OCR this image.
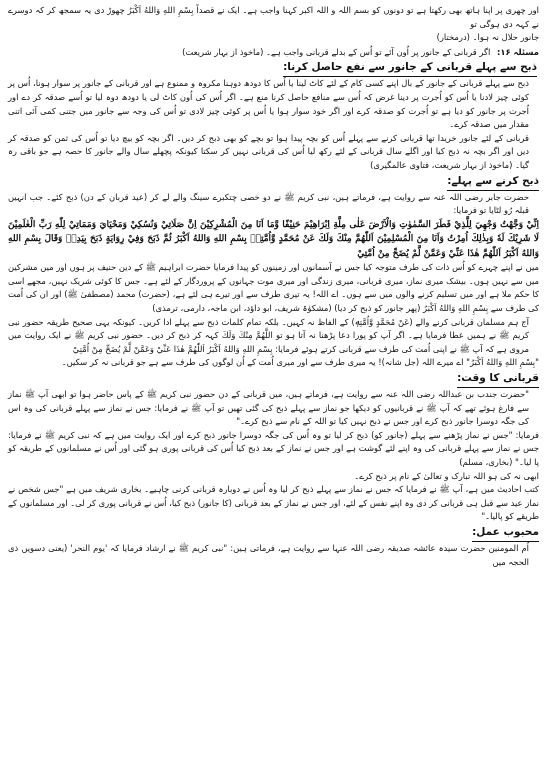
اور چھری پر اپنا ہاتھ بھی رکھتا ہے تو دونوں کو بسم اللہ و اللہ اکبر کہنا واجب ہے۔ ایک نے قصداً بِسْمِ اللهِ وَاللهُ اَكْبَرُ چھوڑ دی یہ سمجھ کر کہ دوسرے نے کہہ دی ہوگی تو

جانور حلال نہ ہوا۔ (درمختار)

مسئلہ ۱۶: اگر قربانی کے جانور پر اُون آئے تو اُس کے بدلے قربانی واجب ہے۔ (ماخوذ از بہار شریعت)

ذبح سے پہلے قربانی کے جانور سے نفع حاصل کرنا:

ذبح سے پہلے قربانی کے جانور کے بال اپنے کسی کام کے لئے کاٹ لینا یا اُس کا دودھ دوہنا مکروہ و ممنوع ہے اور قربانی کے جانور پر سوار ہونا، اُس پر کوئی چیز لادنا یا اُس کو اُجرت پر دینا غرض کہ اُس سے منافع حاصل کرنا منع ہے۔ اگر اُس کی اُون کاٹ لی یا دودھ دوہ لیا تو اُسے صدقہ کر دے اور اُجرت پر جانور کو دیا ہے تو اُجرت کو صدقہ کرے اور اگر خود سوار ہوا یا اُس پر کوئی چیز لادی تو اُس کی وجہ سے جانور میں جتنی کمی آئی اتنی مقدار میں صدقہ کرے۔

قربانی کے لئے جانور خریدا تھا قربانی کرنے سے پہلے اُس کو بچہ پیدا ہوا تو بچے کو بھی ذبح کر دیں۔ اگر بچہ کو بیچ دیا تو اُس کی ثمن کو صدقہ کر دیں اور اگر بچہ نہ ذبح کیا اور اگلے سال قربانی کے لئے رکھ لیا اُس کی قربانی نہیں کر سکتا کیونکہ پچھلے سال والے جانور کا حصہ ہے جو باقی رہ گیا۔ (ماخوذ از بہار شریعت، فتاوی عالمگیری)

ذبح کرنے سے پہلے:

حضرت جابر رضی اللہ عنہ سے روایت ہے، فرماتے ہیں، نبی کریم ﷺ نے دو خصی چتکبرے سینگ والے لے کر (عید قربان کے دن) ذبح کئے۔ جب انہیں قبلہ رُو لٹایا تو فرمایا:

اِنِّيْ وَجَّهْتُ وَجْهِيَ لِلَّذِيْ فَطَرَ السَّمٰوٰتِ وَالْاَرْضَ عَلٰى مِلَّةِ اِبْرَاهِيْمَ حَنِيْفًا وَّمَا اَنَا مِنَ الْمُشْرِكِيْنَ اِنَّ صَلَاتِيْ وَنُسُكِيْ وَمَحْيَايَ وَمَمَاتِيْ لِلّٰهِ رَبِّ الْعٰلَمِيْنَ لَا شَرِيْكَ لَهٗ وَبِذٰلِكَ اُمِرْتُ وَاَنَا مِنَ الْمُسْلِمِيْنَ اَللّٰهُمَّ مِنْكَ وَلَكَ عَنْ مُحَمَّدٍ وَّاُمَّتِهٖ بِسْمِ اللهِ وَاللهُ اَكْبَرُ ثُمَّ ذَبَحَ وَفِيْ رِوَايَةٍ ذَبَحَ بِيَدِهٖ وَقَالَ بِسْمِ اللهِ وَاللهُ اَكْبَرُ اَللّٰهُمَّ هٰذَا عَنِّيْ وَعَمَّنْ لَّمْ يُضَحِّ مِنْ اُمَّتِيْ

میں نے اپنے چہرے کو اُس ذات کی طرف متوجہ کیا جس نے آسمانوں اور زمینوں کو پیدا فرمایا حضرت ابراہیم ﷺ کے دین حنیف پر ہوں اور میں مشرکین میں سے نہیں ہوں۔ بیشک میری نماز، میری قربانی، میری زندگی اور میری موت جہانوں کے پروردگار کے لئے ہے۔ جس کا کوئی شریک نہیں، مجھے اسی کا حکم ملا ہے اور میں تسلیم کرنے والوں میں سے ہوں۔ اے اللہ! یہ تیری طرف سے اور تیرے ہی لئے ہے، (حضرت) محمد (مصطفیٰ ﷺ) اور ان کی اُمت کی طرف سے بِسْمِ اللهِ وَاللهُ اَكْبَرُ (پھر جانور کو ذبح کر دیا) (مشکوٰۃ شریف، ابو داؤد، ابن ماجہ، دارمی، ترمذی)

آج ہم مسلمان قربانی کرنے والے (عَنْ مُحَمَّدٍ وَّاُمَّتِهٖ) کے الفاظ نہ کہیں۔ بلکہ تمام کلمات ذبح سے پہلے ادا کریں۔ کیونکہ یہی صحیح طریقہ حضور نبی کریم ﷺ نے ہمیں عطا فرمایا ہے۔ اگر آپ کو پورا دعا پڑھنا نہ آتا ہو تو اللَّهُمَّ مِنْكَ وَلَكَ کہہ کر ذبح کر دیں۔ حضور نبی کریم ﷺ نے ایک روایت میں مروی ہے کہ آپ ﷺ نے اپنی اُمت کی طرف سے قربانی کرتے ہوئے فرمایا: بِسْمِ اللهِ وَاللهُ اَكْبَرُ اَللّٰهُمَّ هٰذَا عَنِّيْ وَعَمَّنْ لَّمْ يُضَحِّ مِنْ اُمَّتِيْ

"بِسْمِ اللهِ وَاللهُ اَكْبَرُ" اے میرے اللہ (جل شانہ)! یہ میری طرف سے اور میری اُمت کے اُن لوگوں کی طرف سے ہے جو قربانی نہ کر سکیں۔

قربانی کا وقت:

"حضرت جندب بن عبداللہ رضی اللہ عنہ سے روایت ہے، فرماتے ہیں، میں قربانی کے دن حضور نبی کریم ﷺ کے پاس حاضر ہوا تو ابھی آپ ﷺ نماز سے فارغ ہوئے تھے کہ آپ ﷺ نے قربانیوں کو دیکھا جو نماز سے پہلے ذبح کی گئی تھیں تو آپ ﷺ نے فرمایا: جس نے نماز سے پہلے قربانی کی وہ اس کی جگہ دوسرا جانور ذبح کرے اور جس نے ذبح نہیں کیا تو اللہ کے نام سے ذبح کرے۔"

فرمایا: "جس نے نماز پڑھنے سے پہلے (جانور کو) ذبح کر لیا تو وہ اُس کی جگہ دوسرا جانور ذبح کرے اور ایک روایت میں ہے کہ نبی کریم ﷺ نے فرمایا: جس نے نماز سے پہلے قربانی کی وہ اپنے لئے گوشت ہے اور جس نے نماز کے بعد ذبح کیا اُس کی قربانی پوری ہو گئی اور اُس نے مسلمانوں کے طریقہ کو پا لیا۔" (بخاری، مسلم)

ابھی نہ کی ہو اللہ تبارک و تعالیٰ کے نام پر ذبح کرے۔

کتب احادیث میں ہے، آپ ﷺ نے فرمایا کہ جس نے نماز سے پہلے ذبح کر لیا وہ اُس نے دوبارہ قربانی کرنی چاہیے۔ بخاری شریف میں ہے "جس شخص نے نماز عید سے قبل ہی قربانی کر دی وہ اپنے نفس کے لئے، اور جس نے نماز کے بعد قربانی (کا جانور) ذبح کیا، اُس نے قربانی پوری کر لی۔ اور مسلمانوں کے طریقے کو پالیا۔"

محبوب عمل:

اُم المومنین حضرت سیدہ عائشہ صدیقہ رضی اللہ عنہا سے روایت ہے، فرماتی ہیں: "نبی کریم ﷺ نے ارشاد فرمایا کہ 'یوم النحر' (یعنی دسویں ذی الحجہ میں
